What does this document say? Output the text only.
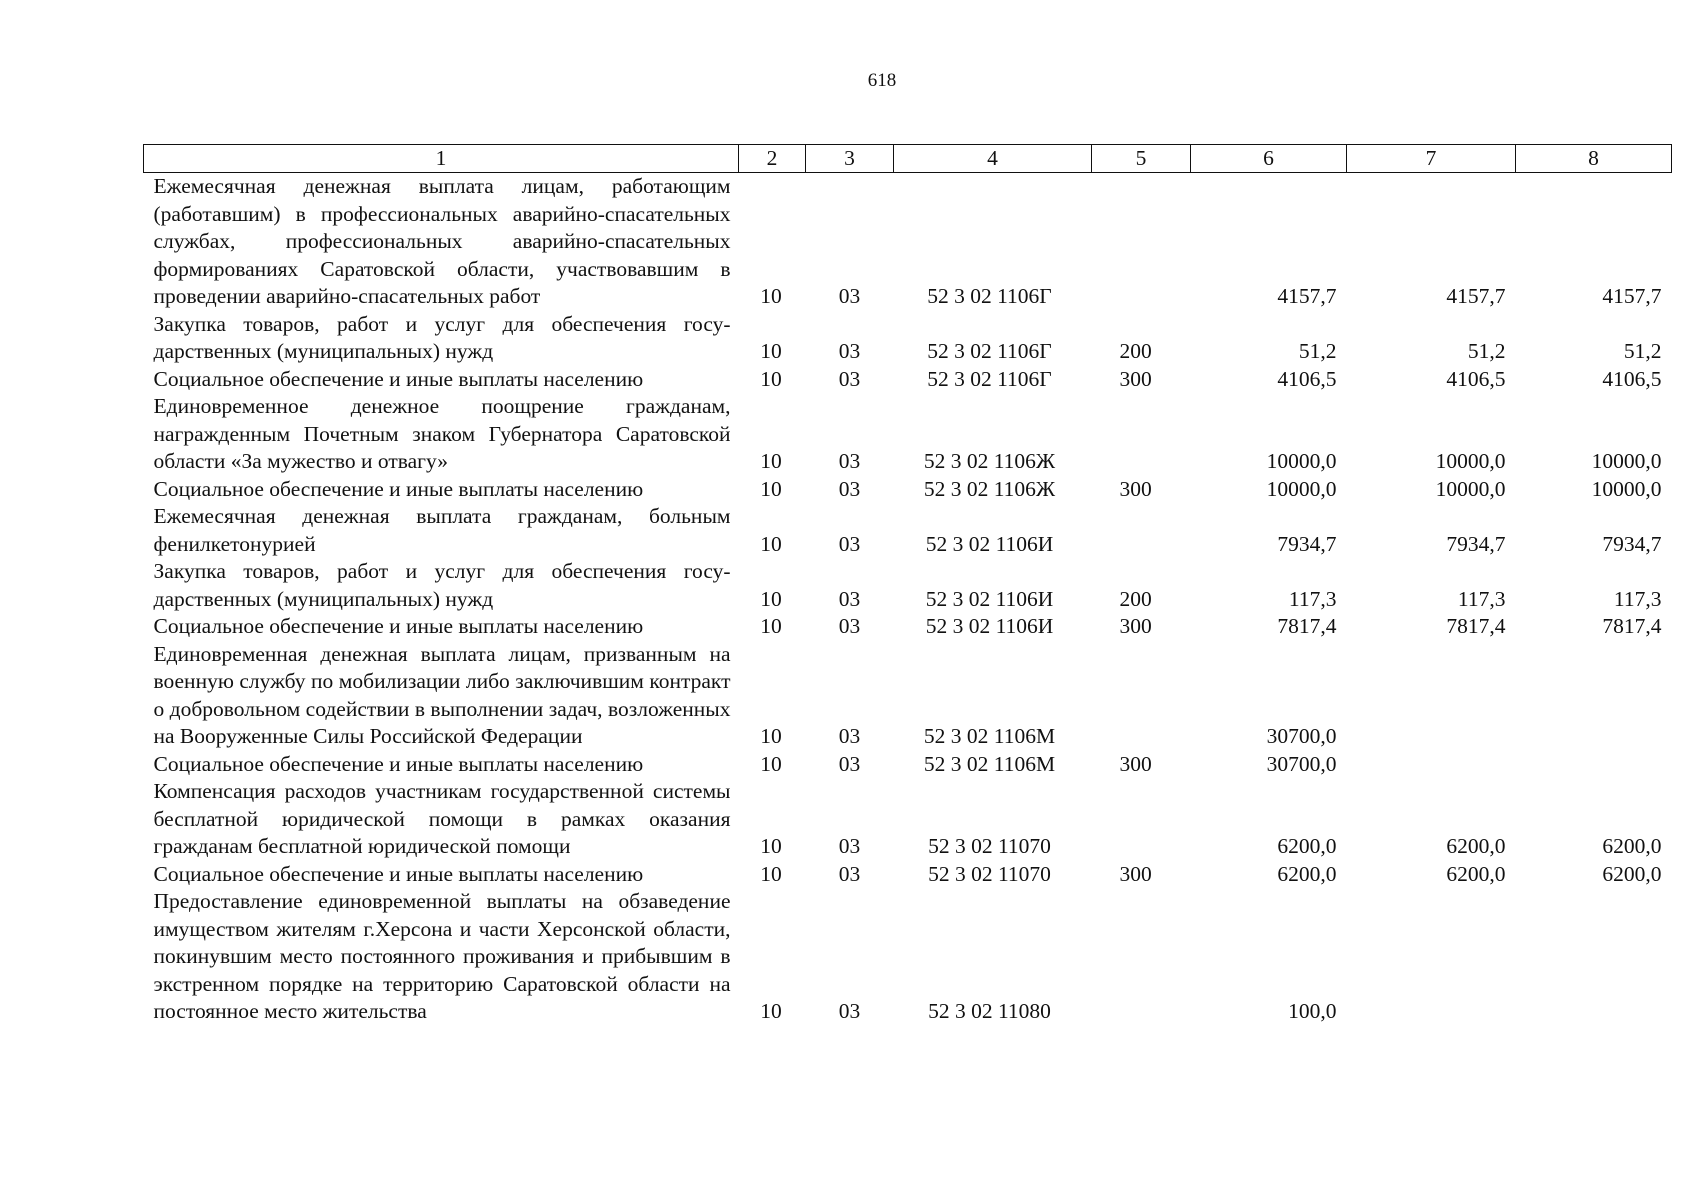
618
1	2	3	4	5	6	7	8
Ежемесячная денежная выплата лицам, работающим (работавшим) в профессиональных аварийно-спасательных службах, профессиональных аварийно-спасательных формированиях Саратовской области, участвовавшим в проведении аварийно-спасательных работ	10	03	52 3 02 1106Г		4157,7	4157,7	4157,7
Закупка товаров, работ и услуг для обеспечения государственных (муниципальных) нужд	10	03	52 3 02 1106Г	200	51,2	51,2	51,2
Социальное обеспечение и иные выплаты населению	10	03	52 3 02 1106Г	300	4106,5	4106,5	4106,5
Единовременное денежное поощрение гражданам, награжденным Почетным знаком Губернатора Саратовской области «За мужество и отвагу»	10	03	52 3 02 1106Ж		10000,0	10000,0	10000,0
Социальное обеспечение и иные выплаты населению	10	03	52 3 02 1106Ж	300	10000,0	10000,0	10000,0
Ежемесячная денежная выплата гражданам, больным фенилкетонурией	10	03	52 3 02 1106И		7934,7	7934,7	7934,7
Закупка товаров, работ и услуг для обеспечения государственных (муниципальных) нужд	10	03	52 3 02 1106И	200	117,3	117,3	117,3
Социальное обеспечение и иные выплаты населению	10	03	52 3 02 1106И	300	7817,4	7817,4	7817,4
Единовременная денежная выплата лицам, призванным на военную службу по мобилизации либо заключившим контракт о добровольном содействии в выполнении задач, возложенных на Вооруженные Силы Российской Федерации	10	03	52 3 02 1106М		30700,0		
Социальное обеспечение и иные выплаты населению	10	03	52 3 02 1106М	300	30700,0		
Компенсация расходов участникам государственной системы бесплатной юридической помощи в рамках оказания гражданам бесплатной юридической помощи	10	03	52 3 02 11070		6200,0	6200,0	6200,0
Социальное обеспечение и иные выплаты населению	10	03	52 3 02 11070	300	6200,0	6200,0	6200,0
Предоставление единовременной выплаты на обзаведение имуществом жителям г.Херсона и части Херсонской области, покинувшим место постоянного проживания и прибывшим в экстренном порядке на территорию Саратовской области на постоянное место жительства	10	03	52 3 02 11080		100,0		
